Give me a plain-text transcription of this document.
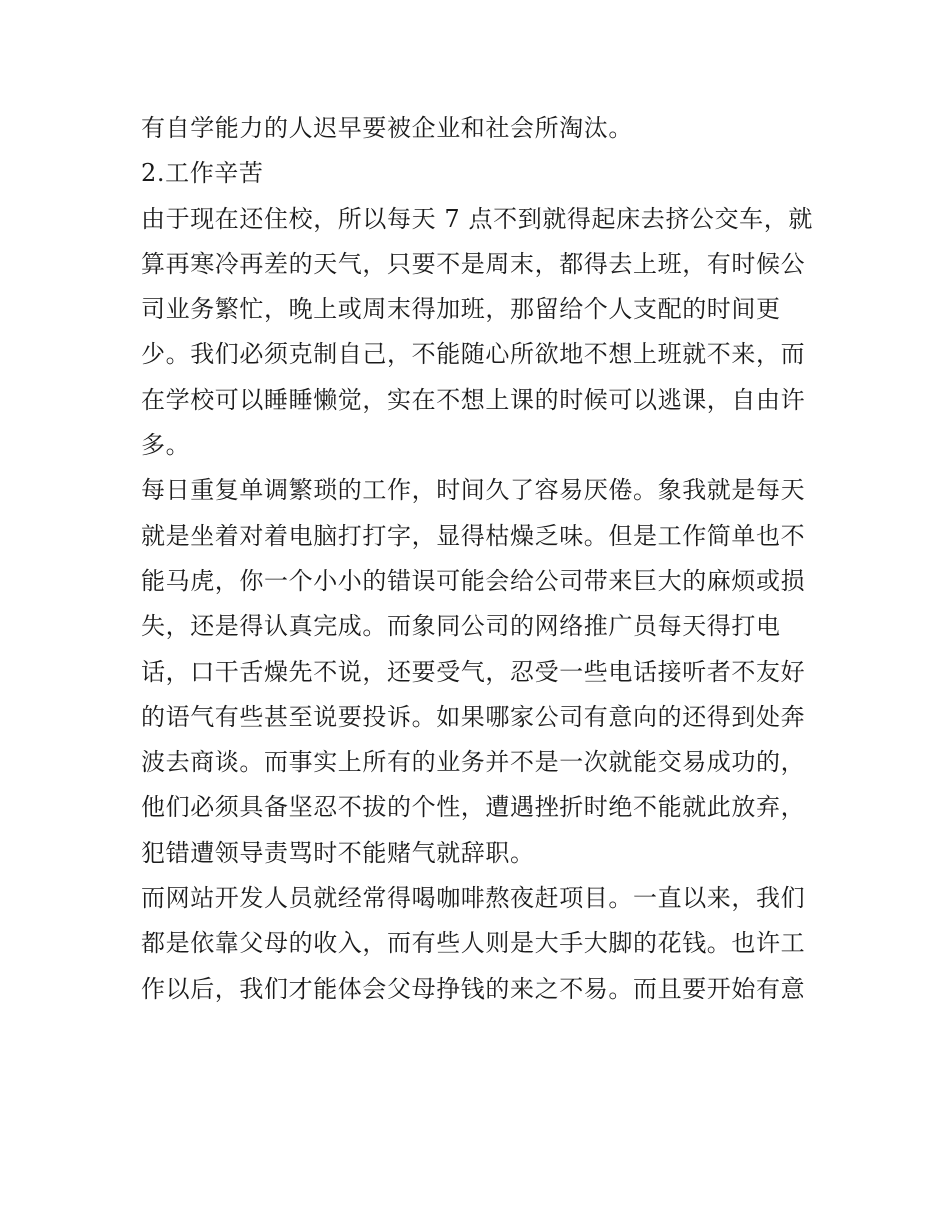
有自学能力的人迟早要被企业和社会所淘汰。
2.工作辛苦
由于现在还住校，所以每天 7 点不到就得起床去挤公交车，就
算再寒冷再差的天气，只要不是周末，都得去上班，有时候公
司业务繁忙，晚上或周末得加班，那留给个人支配的时间更
少。我们必须克制自己，不能随心所欲地不想上班就不来，而
在学校可以睡睡懒觉，实在不想上课的时候可以逃课，自由许
多。
每日重复单调繁琐的工作，时间久了容易厌倦。象我就是每天
就是坐着对着电脑打打字，显得枯燥乏味。但是工作简单也不
能马虎，你一个小小的错误可能会给公司带来巨大的麻烦或损
失，还是得认真完成。而象同公司的网络推广员每天得打电
话，口干舌燥先不说，还要受气，忍受一些电话接听者不友好
的语气有些甚至说要投诉。如果哪家公司有意向的还得到处奔
波去商谈。而事实上所有的业务并不是一次就能交易成功的，
他们必须具备坚忍不拔的个性，遭遇挫折时绝不能就此放弃，
犯错遭领导责骂时不能赌气就辞职。
而网站开发人员就经常得喝咖啡熬夜赶项目。一直以来，我们
都是依靠父母的收入，而有些人则是大手大脚的花钱。也许工
作以后，我们才能体会父母挣钱的来之不易。而且要开始有意
